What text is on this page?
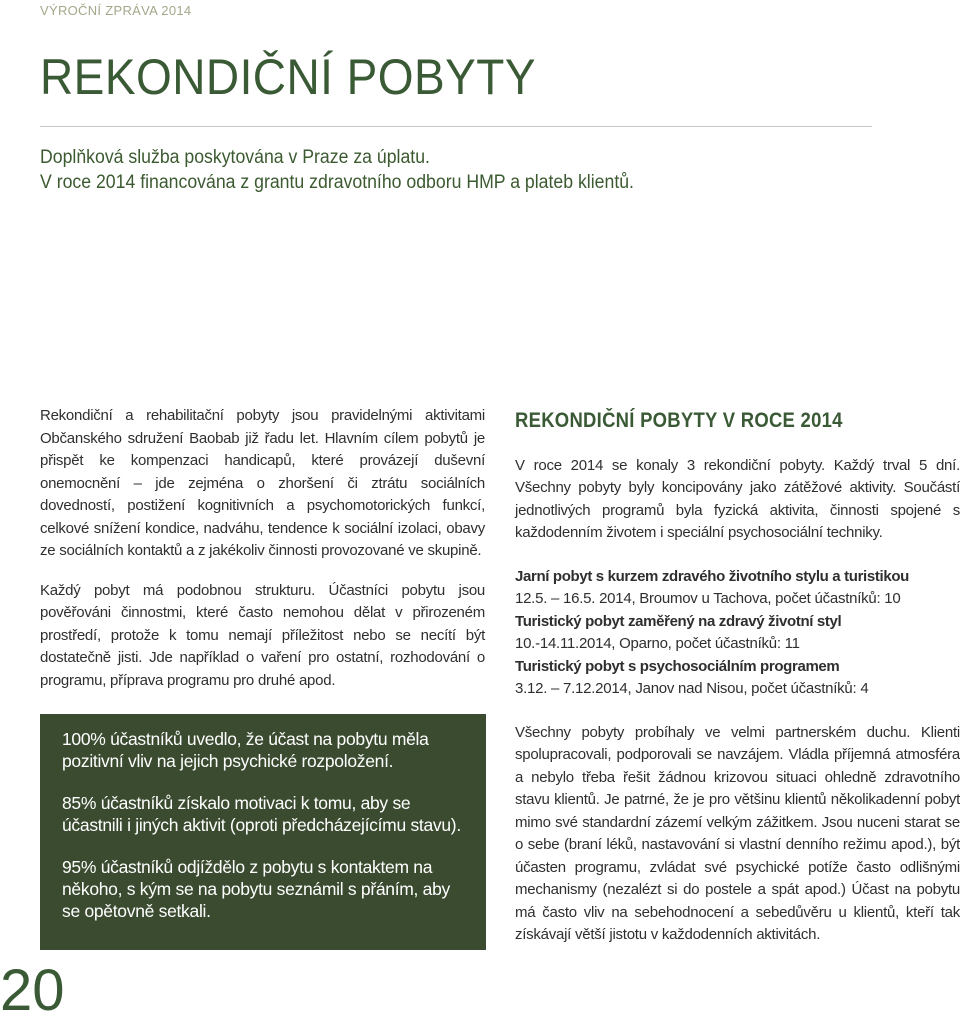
VÝROČNÍ ZPRÁVA 2014
REKONDIČNÍ POBYTY
Doplňková služba poskytována v Praze za úplatu.
V roce 2014 financována z grantu zdravotního odboru HMP a plateb klientů.

Rekondiční a rehabilitační pobyty jsou pravidelnými aktivitami Občanského sdružení Baobab již řadu let. Hlavním cílem pobytů je přispět ke kompenzaci handicapů, které provázejí duševní onemocnění – jde zejména o zhoršení či ztrátu sociálních dovedností, postižení kognitivních a psychomotorických funkcí, celkové snížení kondice, nadváhu, tendence k sociální izolaci, obavy ze sociálních kontaktů a z jakékoliv činnosti provozované ve skupině.

Každý pobyt má podobnou strukturu. Účastníci pobytu jsou pověřováni činnostmi, které často nemohou dělat v přirozeném prostředí, protože k tomu nemají příležitost nebo se necítí být dostatečně jisti. Jde například o vaření pro ostatní, rozhodování o programu, příprava programu pro druhé apod.

100% účastníků uvedlo, že účast na pobytu měla pozitivní vliv na jejich psychické rozpoložení.

85% účastníků získalo motivaci k tomu, aby se účastnili i jiných aktivit (oproti předcházejícímu stavu).

95% účastníků odjíždělo z pobytu s kontaktem na někoho, s kým se na pobytu seznámil s přáním, aby se opětovně setkali.

20
REKONDIČNÍ POBYTY V ROCE 2014
V roce 2014 se konaly 3 rekondiční pobyty. Každý trval 5 dní. Všechny pobyty byly koncipovány jako zátěžové aktivity. Součástí jednotlivých programů byla fyzická aktivita, činnosti spojené s každodenním životem i speciální psychosociální techniky.
Jarní pobyt s kurzem zdravého životního stylu a turistikou
12.5. – 16.5. 2014, Broumov u Tachova, počet účastníků: 10
Turistický pobyt zaměřený na zdravý životní styl
10.-14.11.2014, Oparno, počet účastníků: 11
Turistický pobyt s psychosociálním programem
3.12. – 7.12.2014, Janov nad Nisou, počet účastníků: 4
Všechny pobyty probíhaly ve velmi partnerském duchu. Klienti spolupracovali, podporovali se navzájem. Vládla příjemná atmosféra a nebylo třeba řešit žádnou krizovou situaci ohledně zdravotního stavu klientů. Je patrné, že je pro většinu klientů několikadenní pobyt mimo své standardní zázemí velkým zážitkem. Jsou nuceni starat se o sebe (braní léků, nastavování si vlastní denního režimu apod.), být účasten programu, zvládat své psychické potíže často odlišnými mechanismy (nezalézt si do postele a spát apod.) Účast na pobytu má často vliv na sebehodnocení a sebedůvěru u klientů, kteří tak získávají větší jistotu v každodenních aktivitách.
